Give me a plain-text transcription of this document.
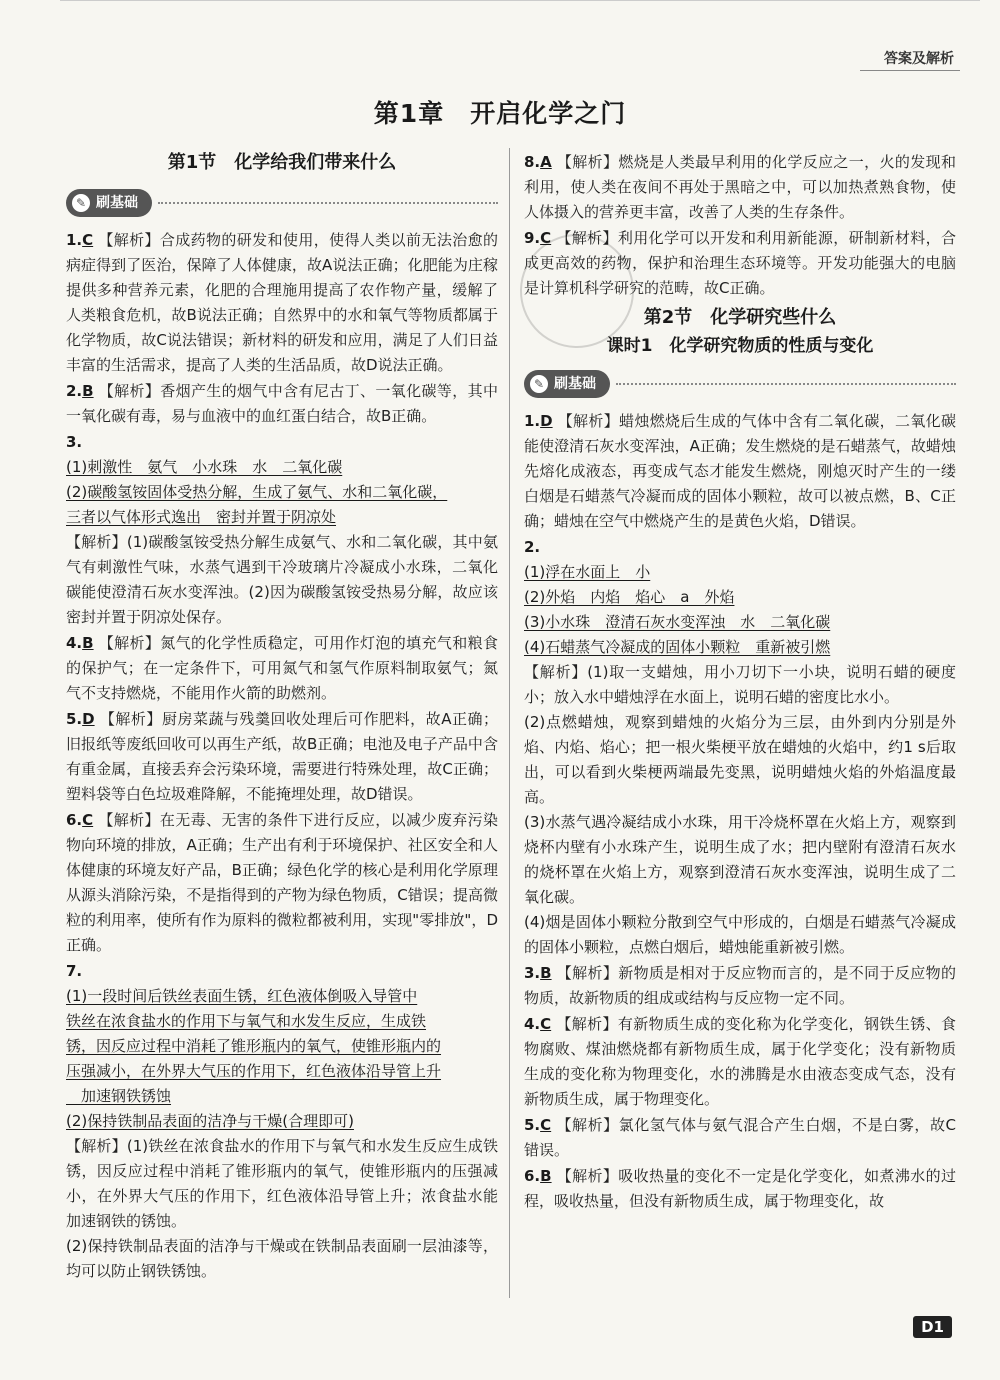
答案及解析
第1章　开启化学之门
第1节　化学给我们带来什么
✎ 刷基础
1.C 【解析】合成药物的研发和使用，使得人类以前无法治愈的病症得到了医治，保障了人体健康，故A说法正确；化肥能为庄稼提供多种营养元素，化肥的合理施用提高了农作物产量，缓解了人类粮食危机，故B说法正确；自然界中的水和氧气等物质都属于化学物质，故C说法错误；新材料的研发和应用，满足了人们日益丰富的生活需求，提高了人类的生活品质，故D说法正确。
2.B 【解析】香烟产生的烟气中含有尼古丁、一氧化碳等，其中一氧化碳有毒，易与血液中的血红蛋白结合，故B正确。
3.
(1)刺激性　氨气　小水珠　水　二氧化碳
(2)碳酸氢铵固体受热分解，生成了氨气、水和二氧化碳，
三者以气体形式逸出　密封并置于阴凉处
【解析】(1)碳酸氢铵受热分解生成氨气、水和二氧化碳，其中氨气有刺激性气味，水蒸气遇到干冷玻璃片冷凝成小水珠，二氧化碳能使澄清石灰水变浑浊。(2)因为碳酸氢铵受热易分解，故应该密封并置于阴凉处保存。
4.B 【解析】氮气的化学性质稳定，可用作灯泡的填充气和粮食的保护气；在一定条件下，可用氮气和氢气作原料制取氨气；氮气不支持燃烧，不能用作火箭的助燃剂。
5.D 【解析】厨房菜蔬与残羹回收处理后可作肥料，故A正确；旧报纸等废纸回收可以再生产纸，故B正确；电池及电子产品中含有重金属，直接丢弃会污染环境，需要进行特殊处理，故C正确；塑料袋等白色垃圾难降解，不能掩埋处理，故D错误。
6.C 【解析】在无毒、无害的条件下进行反应，以减少废弃污染物向环境的排放，A正确；生产出有利于环境保护、社区安全和人体健康的环境友好产品，B正确；绿色化学的核心是利用化学原理从源头消除污染，不是指得到的产物为绿色物质，C错误；提高微粒的利用率，使所有作为原料的微粒都被利用，实现"零排放"，D正确。
7.
(1)一段时间后铁丝表面生锈，红色液体倒吸入导管中
铁丝在浓食盐水的作用下与氧气和水发生反应，生成铁
锈，因反应过程中消耗了锥形瓶内的氧气，使锥形瓶内的
压强减小，在外界大气压的作用下，红色液体沿导管上升
　加速钢铁锈蚀
(2)保持铁制品表面的洁净与干燥(合理即可)
【解析】(1)铁丝在浓食盐水的作用下与氧气和水发生反应生成铁锈，因反应过程中消耗了锥形瓶内的氧气，使锥形瓶内的压强减小，在外界大气压的作用下，红色液体沿导管上升；浓食盐水能加速钢铁的锈蚀。
(2)保持铁制品表面的洁净与干燥或在铁制品表面刷一层油漆等，均可以防止钢铁锈蚀。
8.A 【解析】燃烧是人类最早利用的化学反应之一，火的发现和利用，使人类在夜间不再处于黑暗之中，可以加热煮熟食物，使人体摄入的营养更丰富，改善了人类的生存条件。
9.C 【解析】利用化学可以开发和利用新能源，研制新材料，合成更高效的药物，保护和治理生态环境等。开发功能强大的电脑是计算机科学研究的范畴，故C正确。
第2节　化学研究些什么
课时1　化学研究物质的性质与变化
✎ 刷基础
1.D 【解析】蜡烛燃烧后生成的气体中含有二氧化碳，二氧化碳能使澄清石灰水变浑浊，A正确；发生燃烧的是石蜡蒸气，故蜡烛先熔化成液态，再变成气态才能发生燃烧，刚熄灭时产生的一缕白烟是石蜡蒸气冷凝而成的固体小颗粒，故可以被点燃，B、C正确；蜡烛在空气中燃烧产生的是黄色火焰，D错误。
2.
(1)浮在水面上　小
(2)外焰　内焰　焰心　a　外焰
(3)小水珠　澄清石灰水变浑浊　水　二氧化碳
(4)石蜡蒸气冷凝成的固体小颗粒　重新被引燃
【解析】(1)取一支蜡烛，用小刀切下一小块，说明石蜡的硬度小；放入水中蜡烛浮在水面上，说明石蜡的密度比水小。
(2)点燃蜡烛，观察到蜡烛的火焰分为三层，由外到内分别是外焰、内焰、焰心；把一根火柴梗平放在蜡烛的火焰中，约1 s后取出，可以看到火柴梗两端最先变黑，说明蜡烛火焰的外焰温度最高。
(3)水蒸气遇冷凝结成小水珠，用干冷烧杯罩在火焰上方，观察到烧杯内壁有小水珠产生，说明生成了水；把内壁附有澄清石灰水的烧杯罩在火焰上方，观察到澄清石灰水变浑浊，说明生成了二氧化碳。
(4)烟是固体小颗粒分散到空气中形成的，白烟是石蜡蒸气冷凝成的固体小颗粒，点燃白烟后，蜡烛能重新被引燃。
3.B 【解析】新物质是相对于反应物而言的，是不同于反应物的物质，故新物质的组成或结构与反应物一定不同。
4.C 【解析】有新物质生成的变化称为化学变化，钢铁生锈、食物腐败、煤油燃烧都有新物质生成，属于化学变化；没有新物质生成的变化称为物理变化，水的沸腾是水由液态变成气态，没有新物质生成，属于物理变化。
5.C 【解析】氯化氢气体与氨气混合产生白烟，不是白雾，故C错误。
6.B 【解析】吸收热量的变化不一定是化学变化，如煮沸水的过程，吸收热量，但没有新物质生成，属于物理变化，故
D1
